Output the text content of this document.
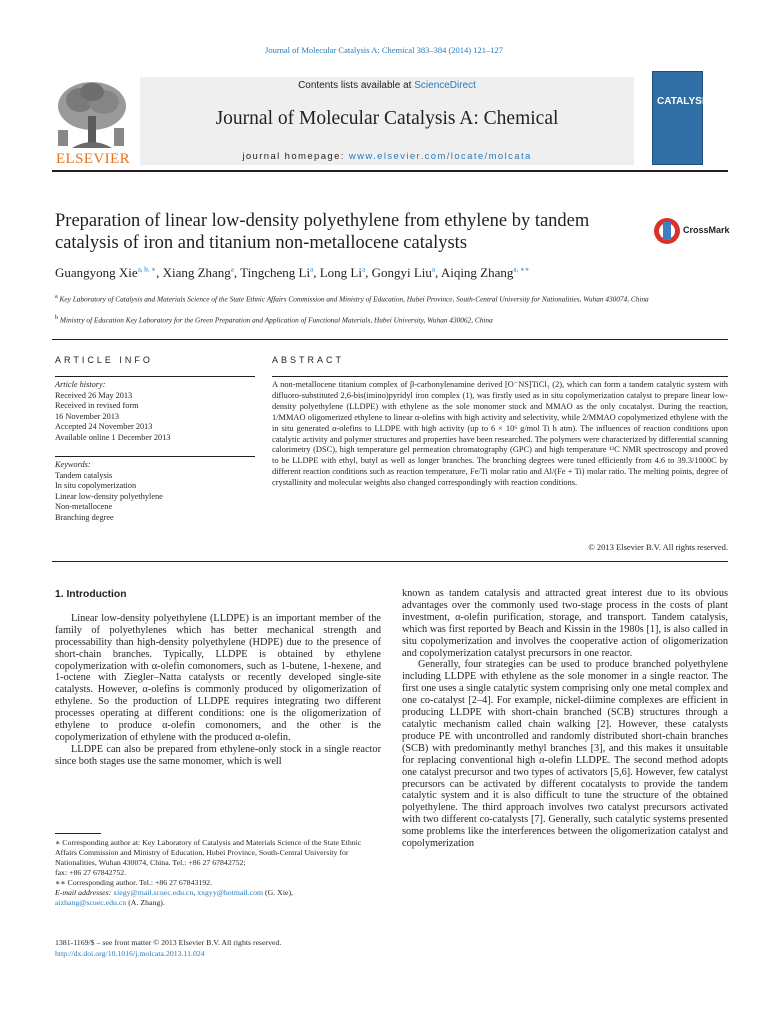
Journal of Molecular Catalysis A: Chemical 383–384 (2014) 121–127
ELSEVIER
Contents lists available at ScienceDirect
Journal of Molecular Catalysis A: Chemical
journal homepage: www.elsevier.com/locate/molcata
CATALYSIS
Preparation of linear low-density polyethylene from ethylene by tandem catalysis of iron and titanium non-metallocene catalysts
CrossMark
Guangyong Xie$^{a, b, ∗}$, Xiang Zhang$^a$, Tingcheng Li$^a$, Long Li$^a$, Gongyi Liu$^a$, Aiqing Zhang$^{a, ∗∗}$
$^a$ Key Laboratory of Catalysis and Materials Science of the State Ethnic Affairs Commission and Ministry of Education, Hubei Province, South-Central University for Nationalities, Wuhan 430074, China
$^b$ Ministry of Education Key Laboratory for the Green Preparation and Application of Functional Materials, Hubei University, Wuhan 430062, China
ARTICLE INFO	ABSTRACT
Article history:
Received 26 May 2013
Received in revised form
16 November 2013
Accepted 24 November 2013
Available online 1 December 2013
Keywords:
Tandem catalysis
In situ copolymerization
Linear low-density polyethylene
Non-metallocene
Branching degree

A non-metallocene titanium complex of β-carbonylenamine derived [O⁻NS]TiCl₃ (2), which can form a tandem catalytic system with difluoro-substituted 2,6-bis(imino)pyridyl iron complex (1), was firstly used as in situ copolymerization catalyst to prepare linear low-density polyethylene (LLDPE) with ethylene as the sole monomer stock and MMAO as the only cocatalyst. During the reaction, 1/MMAO oligomerized ethylene to linear α-olefins with high activity and selectivity, while 2/MMAO copolymerized ethylene with the in situ generated α-olefins to LLDPE with high activity (up to 6 × 10⁶ g/mol Ti h atm). The influences of reaction conditions upon catalytic activity and polymer structures and properties have been researched. The polymers were characterized by differential scanning calorimetry (DSC), high temperature gel permeation chromatography (GPC) and high temperature ¹³C NMR spectroscopy and proved to be LLDPE with ethyl, butyl as well as longer branches. The branching degrees were tuned efficiently from 4.6 to 39.3/1000C by different reaction conditions such as reaction temperature, Fe/Ti molar ratio and Al/(Fe + Ti) molar ratio. The melting points, degree of crystallinity and molecular weights also changed correspondingly with reaction conditions.

© 2013 Elsevier B.V. All rights reserved.
1. Introduction

Linear low-density polyethylene (LLDPE) is an important member of the family of polyethylenes which has better mechanical strength and processability than high-density polyethylene (HDPE) due to the presence of short-chain branches. Typically, LLDPE is obtained by ethylene copolymerization with α-olefin comonomers, such as 1-butene, 1-hexene, and 1-octene with Ziegler–Natta catalysts or recently developed single-site catalysts. However, α-olefins is commonly produced by oligomerization of ethylene. So the production of LLDPE requires integrating two different processes operating at different conditions: one is the oligomerization of ethylene to produce α-olefin comonomers, and the other is the copolymerization of ethylene with the produced α-olefin.

LLDPE can also be prepared from ethylene-only stock in a single reactor since both stages use the same monomer, which is well

known as tandem catalysis and attracted great interest due to its obvious advantages over the commonly used two-stage process in the costs of plant investment, α-olefin purification, storage, and transport. Tandem catalysis, which was first reported by Beach and Kissin in the 1980s [1], is also called in situ copolymerization and involves the cooperative action of oligomerization and copolymerization catalyst precursors in one reactor.

Generally, four strategies can be used to produce branched polyethylene including LLDPE with ethylene as the sole monomer in a single reactor. The first one uses a single catalytic system comprising only one metal complex and one co-catalyst [2–4]. For example, nickel-diimine complexes are efficient in producing LLDPE with short-chain branched (SCB) structures through a catalytic mechanism called chain walking [2]. However, these catalysts produce PE with uncontrolled and randomly distributed short-chain branches (SCB) with predominantly methyl branches [3], and this makes it unsuitable for replacing conventional high α-olefin LLDPE. The second method adopts one catalyst precursor and two types of activators [5,6]. However, few catalyst precursors can be activated by different cocatalysts to provide the tandem catalytic system and it is also difficult to tune the structure of the obtained polyethylene. The third approach involves two catalyst precursors activated with two different co-catalysts [7]. Generally, such catalytic systems presented some problems like the interferences between the oligomerization catalyst and copolymerization

∗ Corresponding author at: Key Laboratory of Catalysis and Materials Science of the State Ethnic Affairs Commission and Ministry of Education, Hubei Province, South-Central University for Nationalities, Wuhan 430074, China. Tel.: +86 27 67842752;

fax: +86 27 67842752.

∗∗ Corresponding author. Tel.: +86 27 67843192.

E-mail addresses: xiegy@mail.scuec.edu.cn, xxgyy@hotmail.com (G. Xie),

aizhang@scuec.edu.cn (A. Zhang).

1381-1169/$ – see front matter © 2013 Elsevier B.V. All rights reserved.

http://dx.doi.org/10.1016/j.molcata.2013.11.024
